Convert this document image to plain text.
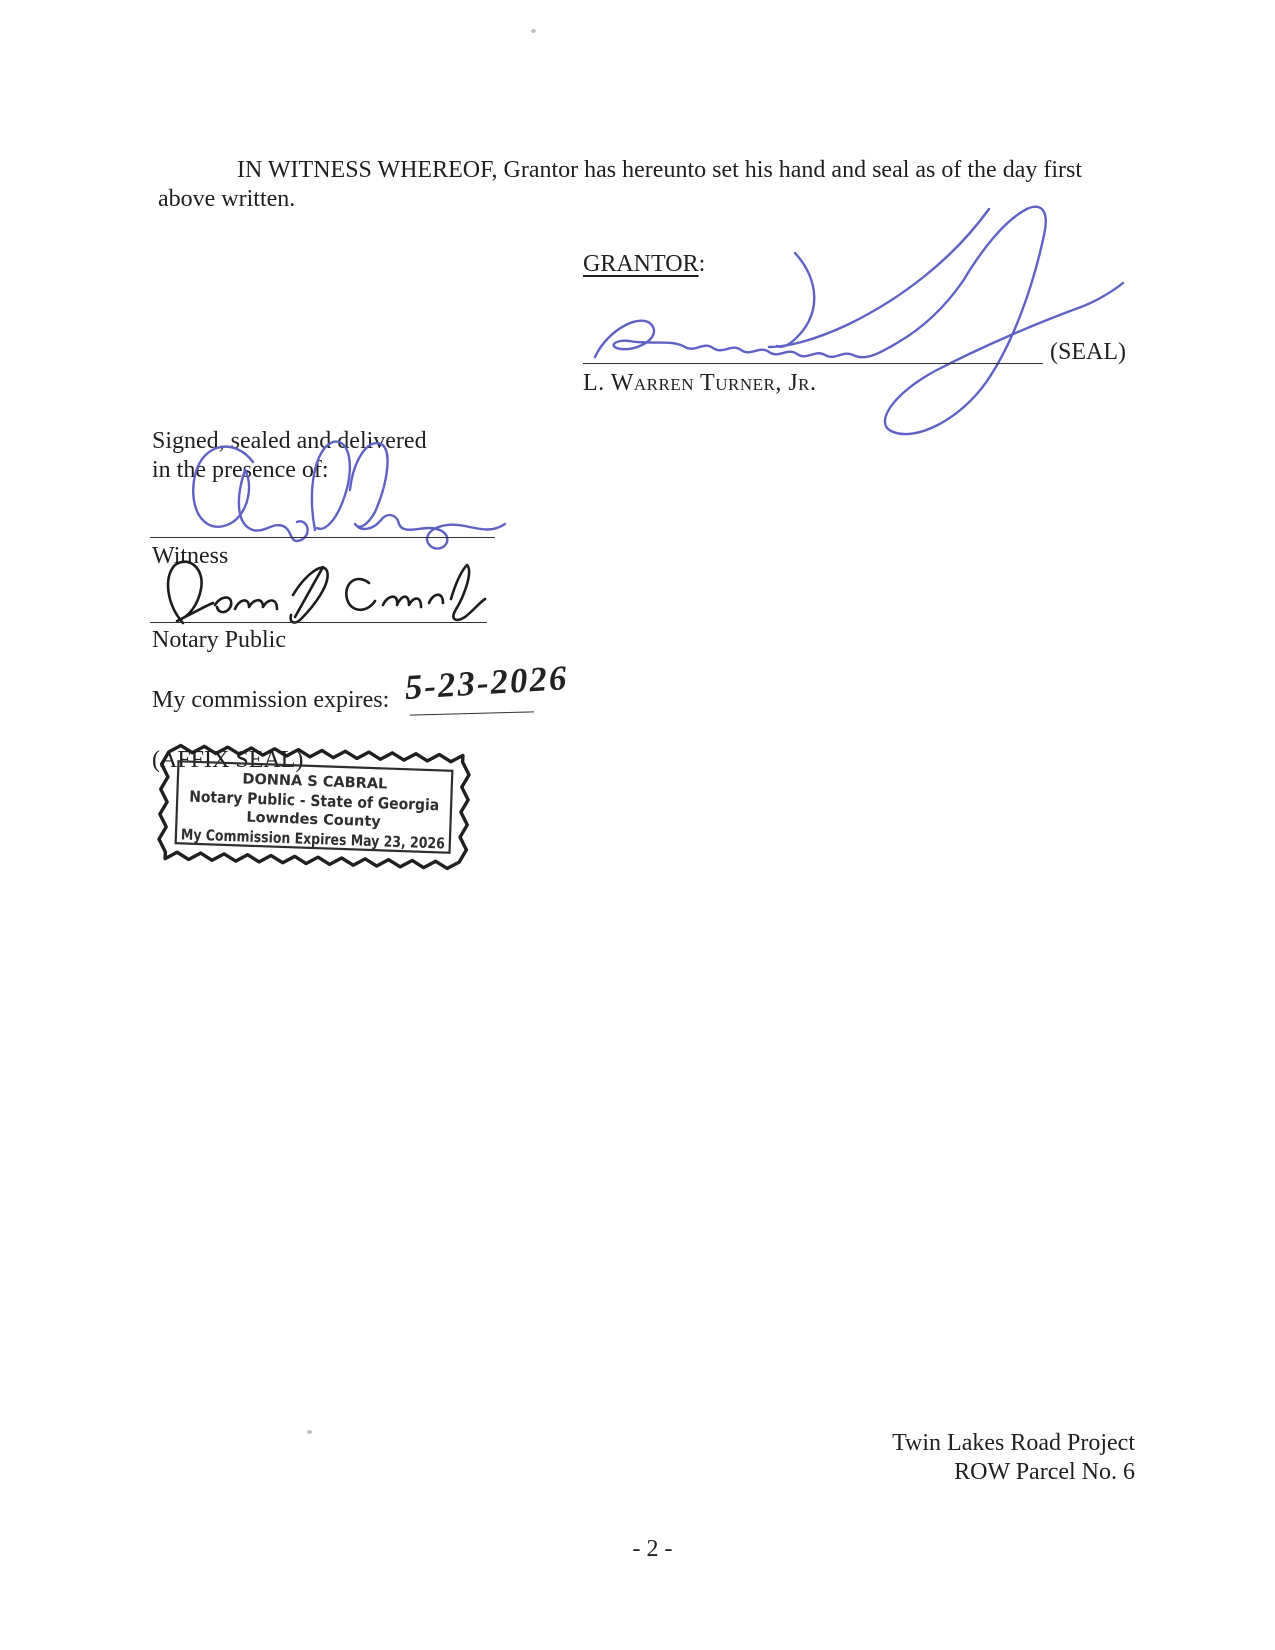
IN WITNESS WHEREOF, Grantor has hereunto set his hand and seal as of the day first
above written.

GRANTOR:
(SEAL)
L. Warren Turner, Jr.
Signed, sealed and delivered
in the presence of:
Witness
Notary Public
My commission expires: 5-23-2026
(AFFIX SEAL)
DONNA S CABRAL
Notary Public - State of Georgia
Lowndes County
My Commission Expires May 23, 2026
Twin Lakes Road Project
ROW Parcel No. 6
- 2 -
